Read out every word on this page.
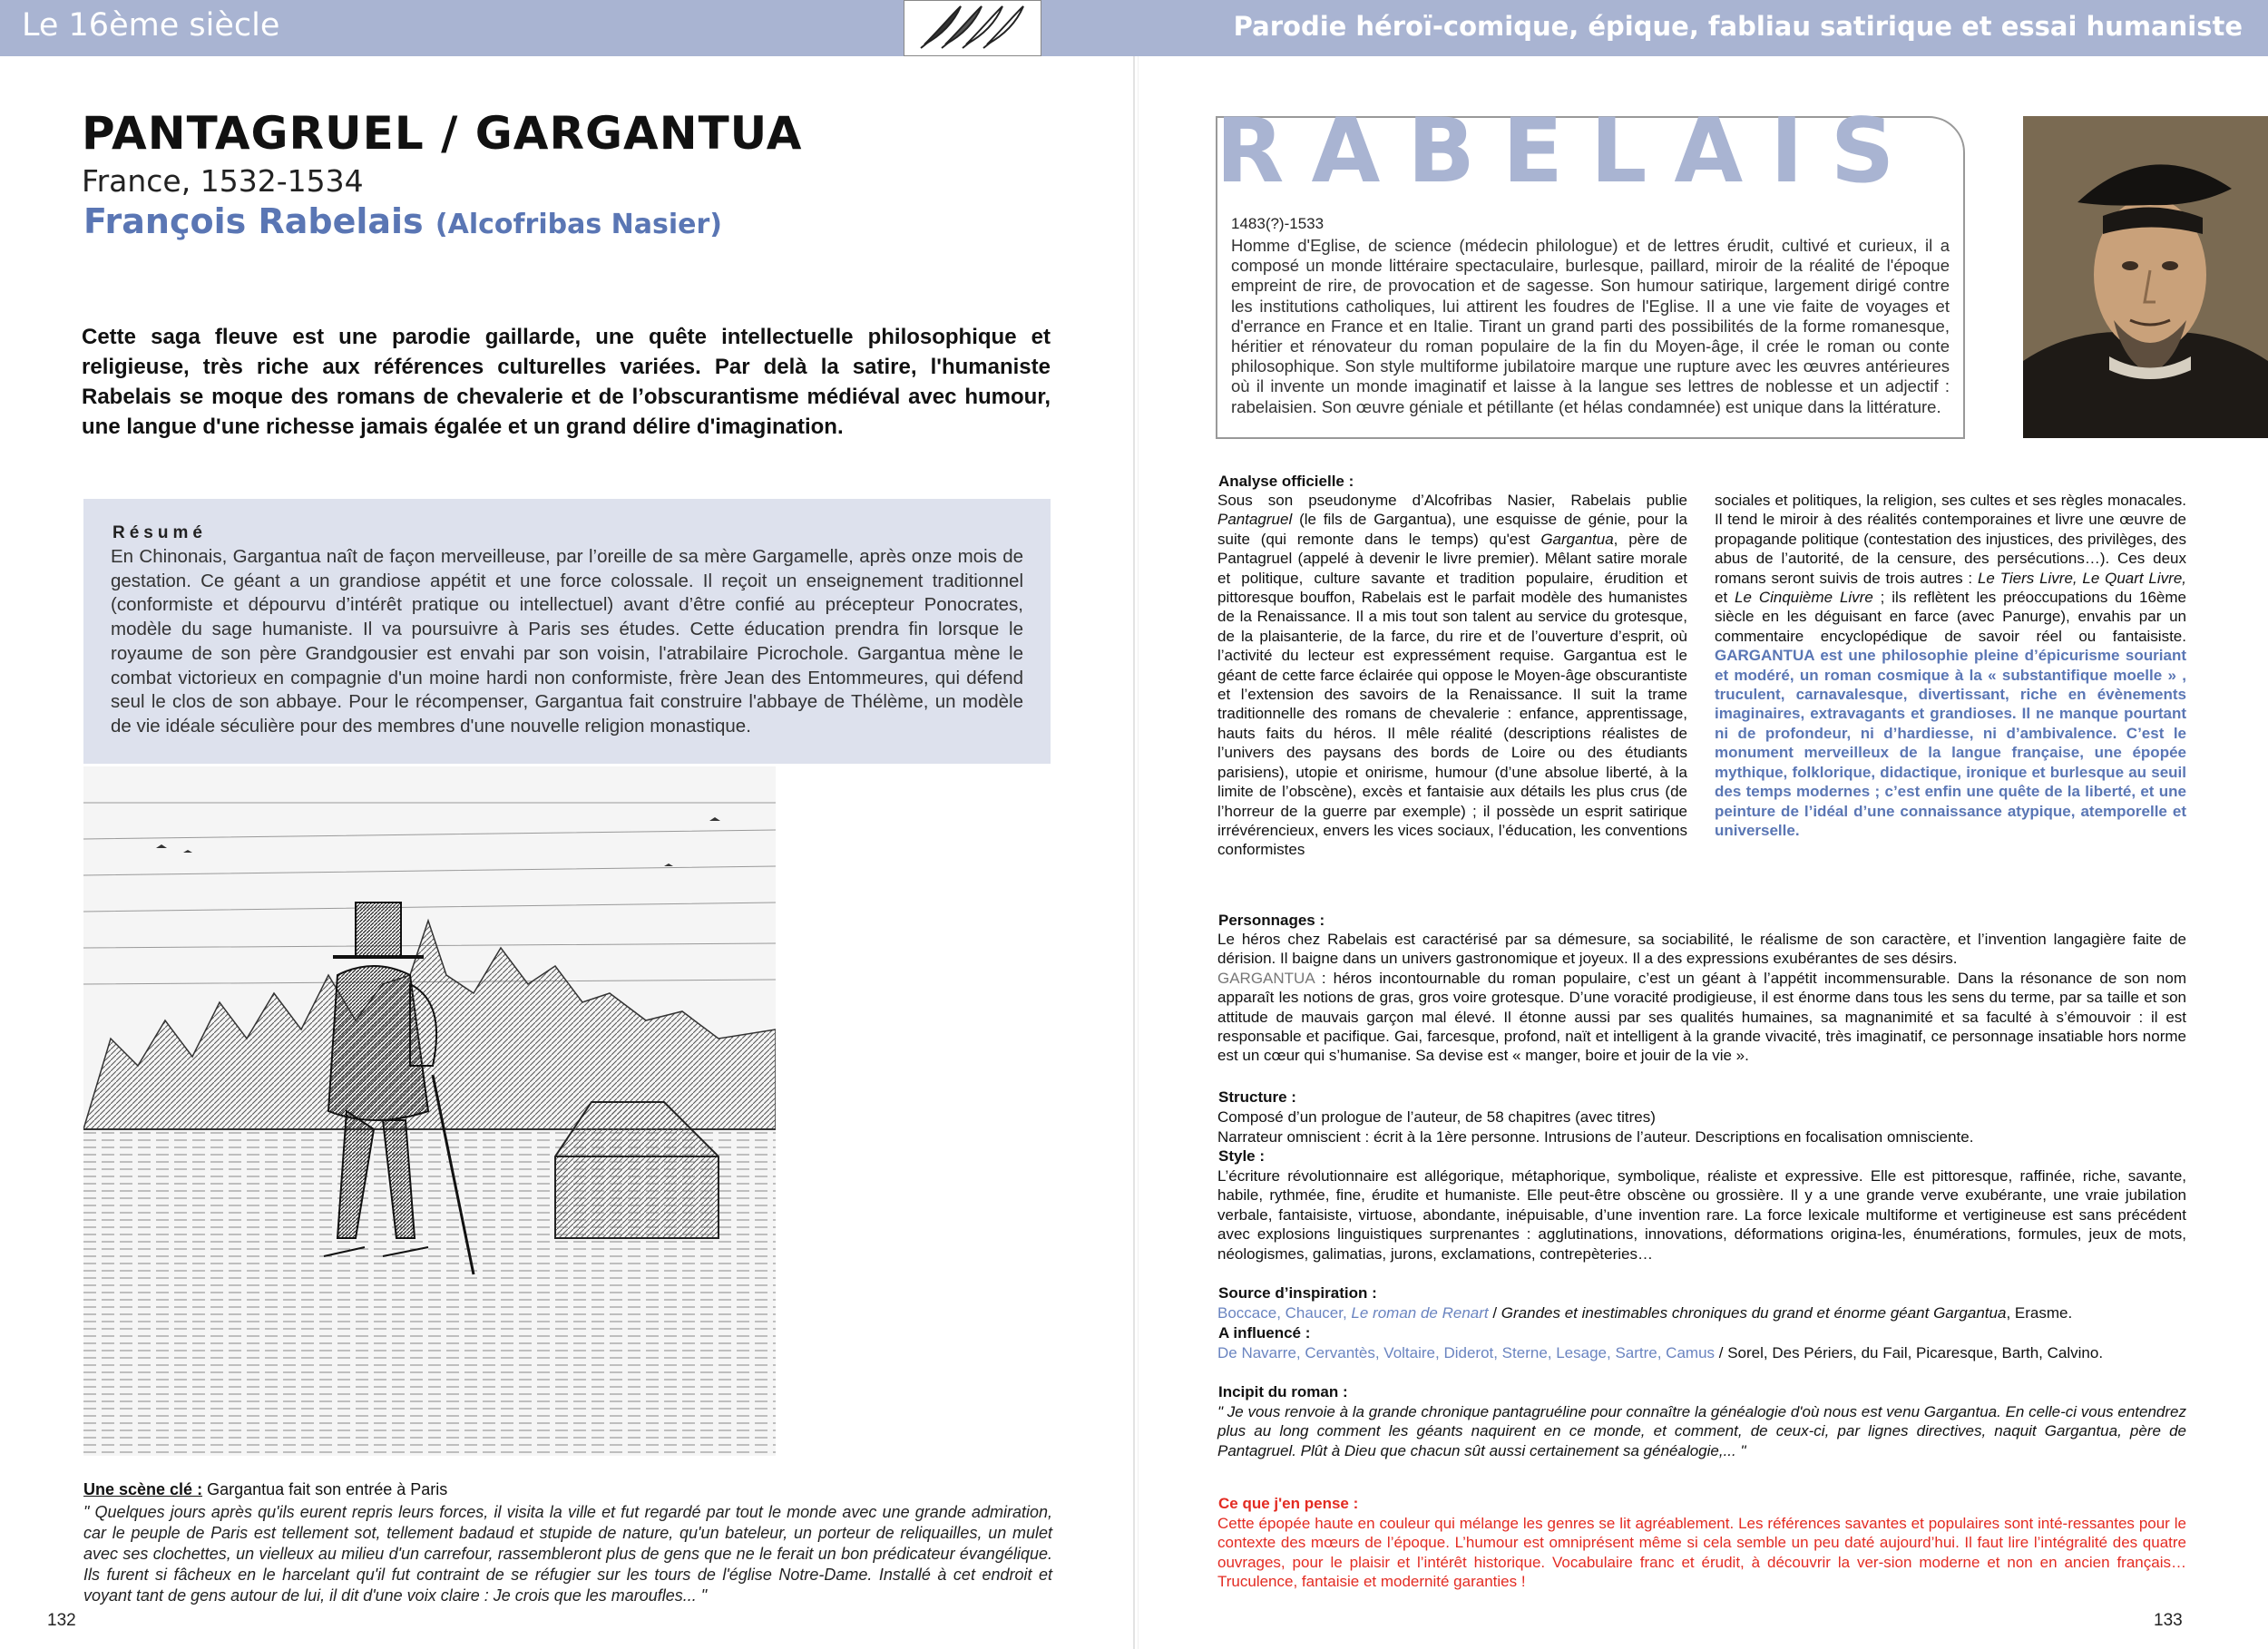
Le 16ème siècle	Parodie héroï-comique, épique, fabliau satirique et essai humaniste
PANTAGRUEL / GARGANTUA
France, 1532-1534
François Rabelais (Alcofribas Nasier)
Cette saga fleuve est une parodie gaillarde, une quête intellectuelle philosophique et religieuse, très riche aux références culturelles variées. Par delà la satire, l'humaniste Rabelais se moque des romans de chevalerie et de l’obscurantisme médiéval avec humour, une langue d'une richesse jamais égalée et un grand délire d'imagination.
Résumé
En Chinonais, Gargantua naît de façon merveilleuse, par l’oreille de sa mère Gargamelle, après onze mois de gestation. Ce géant a un grandiose appétit et une force colossale. Il reçoit un enseignement traditionnel (conformiste et dépourvu d’intérêt pratique ou intellectuel) avant d’être confié au précepteur Ponocrates, modèle du sage humaniste. Il va poursuivre à Paris ses études. Cette éducation prendra fin lorsque le royaume de son père Grandgousier est envahi par son voisin, l'atrabilaire Picrochole. Gargantua mène le combat victorieux en compagnie d'un moine hardi non conformiste, frère Jean des Entommeures, qui défend seul le clos de son abbaye. Pour le récompenser, Gargantua fait construire l'abbaye de Thélème, un modèle de vie idéale séculière pour des membres d'une nouvelle religion monastique.
Une scène clé : Gargantua fait son entrée à Paris
" Quelques jours après qu'ils eurent repris leurs forces, il visita la ville et fut regardé par tout le monde avec une grande admiration, car le peuple de Paris est tellement sot, tellement badaud et stupide de nature, qu'un bateleur, un porteur de reliquailles, un mulet avec ses clochettes, un vielleux au milieu d'un carrefour, rassembleront plus de gens que ne le ferait un bon prédicateur évangélique. Ils furent si fâcheux en le harcelant qu'il fut contraint de se réfugier sur les tours de l'église Notre-Dame. Installé à cet endroit et voyant tant de gens autour de lui, il dit d'une voix claire : Je crois que les maroufles... "
132
RABELAIS
1483(?)-1533
Homme d'Eglise, de science (médecin philologue) et de lettres érudit, cultivé et curieux, il a composé un monde littéraire spectaculaire, burlesque, paillard, miroir de la réalité de l'époque empreint de rire, de provocation et de sagesse. Son humour satirique, largement dirigé contre les institutions catholiques, lui attirent les foudres de l'Eglise. Il a une vie faite de voyages et d'errance en France et en Italie. Tirant un grand parti des possibilités de la forme romanesque, héritier et rénovateur du roman populaire de la fin du Moyen-âge, il crée le roman ou conte philosophique. Son style multiforme jubilatoire marque une rupture avec les œuvres antérieures où il invente un monde imaginatif et laisse à la langue ses lettres de noblesse et un adjectif : rabelaisien. Son œuvre géniale et pétillante (et hélas condamnée) est unique dans la littérature.
Analyse officielle :
Sous son pseudonyme d’Alcofribas Nasier, Rabelais publie Pantagruel (le fils de Gargantua), une esquisse de génie, pour la suite (qui remonte dans le temps) qu'est Gargantua, père de Pantagruel (appelé à devenir le livre premier). Mêlant satire morale et politique, culture savante et tradition populaire, érudition et pittoresque bouffon, Rabelais est le parfait modèle des humanistes de la Renaissance. Il a mis tout son talent au service du grotesque, de la plaisanterie, de la farce, du rire et de l’ouverture d’esprit, où l’activité du lecteur est expressément requise. Gargantua est le géant de cette farce éclairée qui oppose le Moyen-âge obscurantiste et l’extension des savoirs de la Renaissance. Il suit la trame traditionnelle des romans de chevalerie : enfance, apprentissage, hauts faits du héros. Il mêle réalité (descriptions réalistes de l’univers des paysans des bords de Loire ou des étudiants parisiens), utopie et onirisme, humour (d’une absolue liberté, à la limite de l’obscène), excès et fantaisie aux détails les plus crus (de l’horreur de la guerre par exemple) ; il possède un esprit satirique irrévérencieux, envers les vices sociaux, l’éducation, les conventions conformistes
sociales et politiques, la religion, ses cultes et ses règles monacales. Il tend le miroir à des réalités contemporaines et livre une œuvre de propagande politique (contestation des injustices, des privilèges, des abus de l’autorité, de la censure, des persécutions…). Ces deux romans seront suivis de trois autres : Le Tiers Livre, Le Quart Livre, et Le Cinquième Livre ; ils reflètent les préoccupations du 16ème siècle en les déguisant en farce (avec Panurge), envahis par un commentaire encyclopédique de savoir réel ou fantaisiste. GARGANTUA est une philosophie pleine d’épicurisme souriant et modéré, un roman cosmique à la « substantifique moelle » , truculent, carnavalesque, divertissant, riche en évènements imaginaires, extravagants et grandioses. Il ne manque pourtant ni de profondeur, ni d’hardiesse, ni d’ambivalence. C’est le monument merveilleux de la langue française, une épopée mythique, folklorique, didactique, ironique et burlesque au seuil des temps modernes ; c’est enfin une quête de la liberté, et une peinture de l’idéal d’une connaissance atypique, atemporelle et universelle.
Personnages :
Le héros chez Rabelais est caractérisé par sa démesure, sa sociabilité, le réalisme de son caractère, et l’invention langagière faite de dérision. Il baigne dans un univers gastronomique et joyeux. Il a des expressions exubérantes de ses désirs.
GARGANTUA : héros incontournable du roman populaire, c’est un géant à l’appétit incommensurable. Dans la résonance de son nom apparaît les notions de gras, gros voire grotesque. D’une voracité prodigieuse, il est énorme dans tous les sens du terme, par sa taille et son attitude de mauvais garçon mal élevé. Il étonne aussi par ses qualités humaines, sa magnanimité et sa faculté à s’émouvoir : il est responsable et pacifique. Gai, farcesque, profond, naït et intelligent à la grande vivacité, très imaginatif, ce personnage insatiable hors norme est un cœur qui s’humanise. Sa devise est « manger, boire et jouir de la vie ».
Structure :
Composé d’un prologue de l’auteur, de 58 chapitres (avec titres)
Narrateur omniscient : écrit à la 1ère personne. Intrusions de l’auteur. Descriptions en focalisation omnisciente.
Style :
L’écriture révolutionnaire est allégorique, métaphorique, symbolique, réaliste et expressive. Elle est pittoresque, raffinée, riche, savante, habile, rythmée, fine, érudite et humaniste. Elle peut-être obscène ou grossière. Il y a une grande verve exubérante, une vraie jubilation verbale, fantaisiste, virtuose, abondante, inépuisable, d’une invention rare. La force lexicale multiforme et vertigineuse est sans précédent avec explosions linguistiques surprenantes : agglutinations, innovations, déformations origina-les, énumérations, formules, jeux de mots, néologismes, galimatias, jurons, exclamations, contrepèteries…
Source d’inspiration :
Boccace, Chaucer, Le roman de Renart / Grandes et inestimables chroniques du grand et énorme géant Gargantua, Erasme.
A influencé :
De Navarre, Cervantès, Voltaire, Diderot, Sterne, Lesage, Sartre, Camus / Sorel, Des Périers, du Fail, Picaresque, Barth, Calvino.
Incipit du roman :
" Je vous renvoie à la grande chronique pantagruéline pour connaître la généalogie d'où nous est venu Gargantua. En celle-ci vous entendrez plus au long comment les géants naquirent en ce monde, et comment, de ceux-ci, par lignes directives, naquit Gargantua, père de Pantagruel. Plût à Dieu que chacun sût aussi certainement sa généalogie,... "
Ce que j'en pense :
Cette épopée haute en couleur qui mélange les genres se lit agréablement. Les références savantes et populaires sont inté-ressantes pour le contexte des mœurs de l’époque. L’humour est omniprésent même si cela semble un peu daté aujourd’hui. Il faut lire l’intégralité des quatre ouvrages, pour le plaisir et l’intérêt historique. Vocabulaire franc et érudit, à découvrir la ver-sion moderne et non en ancien français… Truculence, fantaisie et modernité garanties !
133
